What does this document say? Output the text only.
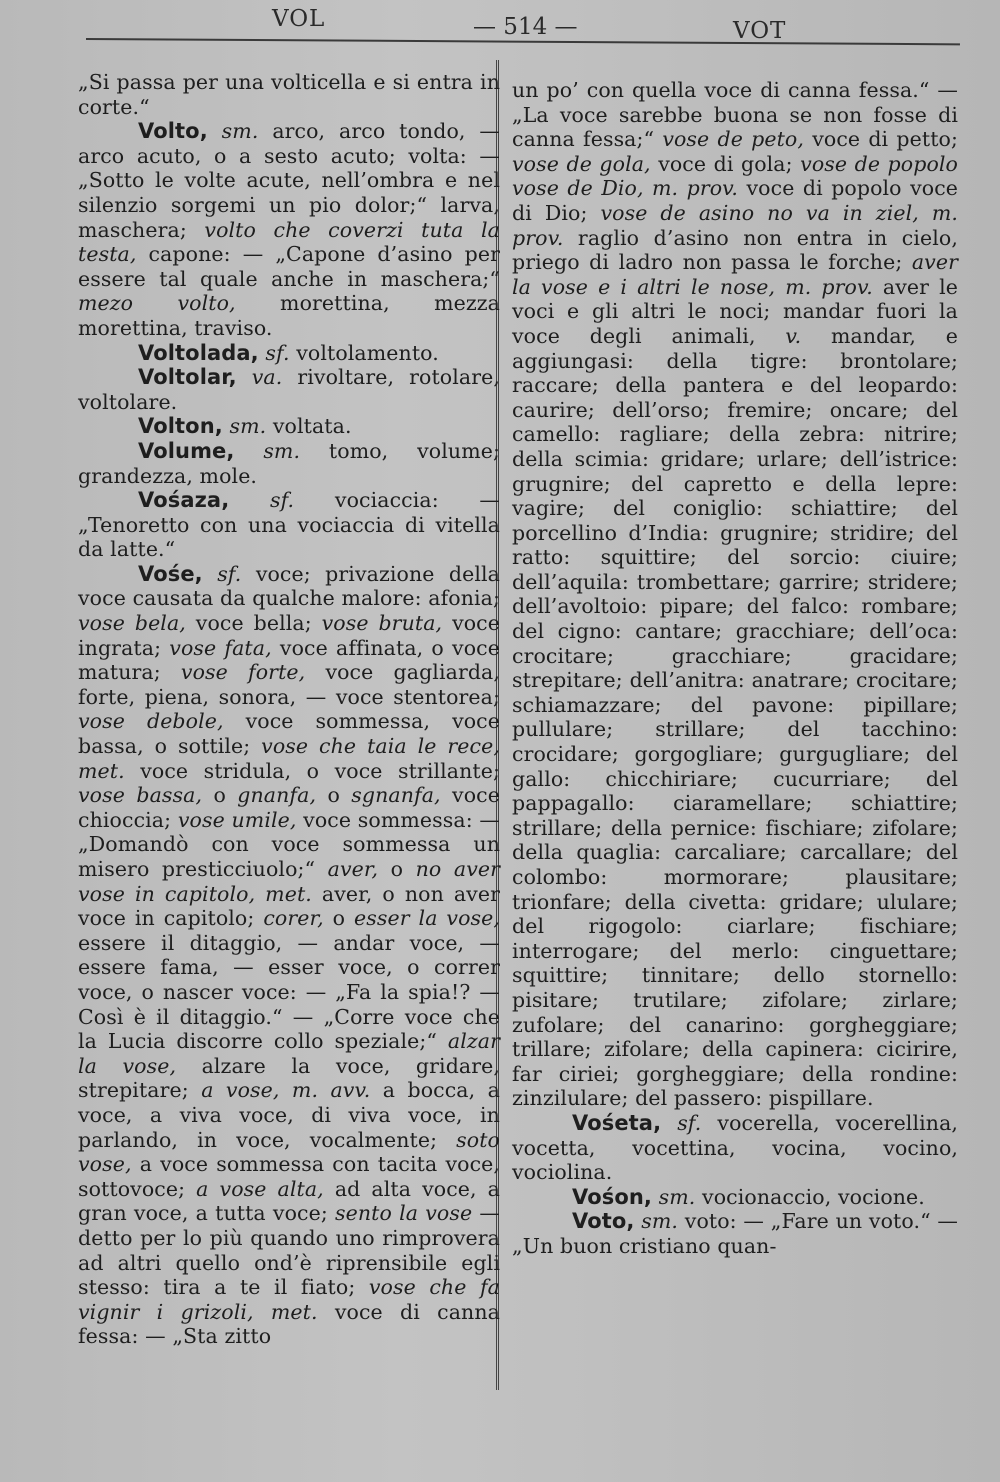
VOL	— 514 —	VOT

„Si passa per una volticella e si entra in corte.“

Volto, sm. arco, arco tondo, — arco acuto, o a sesto acuto; volta: — „Sotto le volte acute, nell’ombra e nel silenzio sorgemi un pio dolor;“ larva, maschera; volto che coverzi tuta la testa, capone: — „Capone d’asino per essere tal quale anche in maschera;“ mezo volto, morettina, mezza morettina, traviso.

Voltolada, sf. voltolamento.

Voltolar, va. rivoltare, rotolare, voltolare.

Volton, sm. voltata.

Volume, sm. tomo, volume; grandezza, mole.

Vośaza, sf. vociaccia: — „Tenoretto con una vociaccia di vitella da latte.“

Vośe, sf. voce; privazione della voce causata da qualche malore: afonia; vose bela, voce bella; vose bruta, voce ingrata; vose fata, voce affinata, o voce matura; vose forte, voce gagliarda, forte, piena, sonora, — voce stentorea; vose debole, voce sommessa, voce bassa, o sottile; vose che taia le rece, met. voce stridula, o voce strillante; vose bassa, o gnanfa, o sgnanfa, voce chioccia; vose umile, voce sommessa: — „Domandò con voce sommessa un misero presticciuolo;“ aver, o no aver vose in capitolo, met. aver, o non aver voce in capitolo; corer, o esser la vose, essere il ditaggio, — andar voce, — essere fama, — esser voce, o correr voce, o nascer voce: — „Fa la spia!? — Così è il ditaggio.“ — „Corre voce che la Lucia discorre collo speziale;“ alzar la vose, alzare la voce, gridare, strepitare; a vose, m. avv. a bocca, a voce, a viva voce, di viva voce, in parlando, in voce, vocalmente; soto vose, a voce sommessa con tacita voce, sottovoce; a vose alta, ad alta voce, a gran voce, a tutta voce; sento la vose — detto per lo più quando uno rimprovera ad altri quello ond’è riprensibile egli stesso: tira a te il fiato; vose che fa vignir i grizoli, met. voce di canna fessa: — „Sta zitto

un po’ con quella voce di canna fessa.“ — „La voce sarebbe buona se non fosse di canna fessa;“ vose de peto, voce di petto; vose de gola, voce di gola; vose de popolo vose de Dio, m. prov. voce di popolo voce di Dio; vose de asino no va in ziel, m. prov. raglio d’asino non entra in cielo, priego di ladro non passa le forche; aver la vose e i altri le nose, m. prov. aver le voci e gli altri le noci; mandar fuori la voce degli animali, v. mandar, e aggiungasi: della tigre: brontolare; raccare; della pantera e del leopardo: caurire; dell’orso; fremire; oncare; del camello: ragliare; della zebra: nitrire; della scimia: gridare; urlare; dell’istrice: grugnire; del capretto e della lepre: vagire; del coniglio: schiattire; del porcellino d’India: grugnire; stridire; del ratto: squittire; del sorcio: ciuire; dell’aquila: trombettare; garrire; stridere; dell’avoltoio: pipare; del falco: rombare; del cigno: cantare; gracchiare; dell’oca: crocitare; gracchiare; gracidare; strepitare; dell’anitra: anatrare; crocitare; schiamazzare; del pavone: pipillare; pullulare; strillare; del tacchino: crocidare; gorgogliare; gurgugliare; del gallo: chicchiriare; cucurriare; del pappagallo: ciaramellare; schiattire; strillare; della pernice: fischiare; zifolare; della quaglia: carcaliare; carcallare; del colombo: mormorare; plausitare; trionfare; della civetta: gridare; ululare; del rigogolo: ciarlare; fischiare; interrogare; del merlo: cinguettare; squittire; tinnitare; dello stornello: pisitare; trutilare; zifolare; zirlare; zufolare; del canarino: gorgheggiare; trillare; zifolare; della capinera: cicirire, far ciriei; gorgheggiare; della rondine: zinzilulare; del passero: pispillare.

Vośeta, sf. vocerella, vocerellina, vocetta, vocettina, vocina, vocino, vociolina.

Vośon, sm. vocionaccio, vocione.

Voto, sm. voto: — „Fare un voto.“ — „Un buon cristiano quan-
